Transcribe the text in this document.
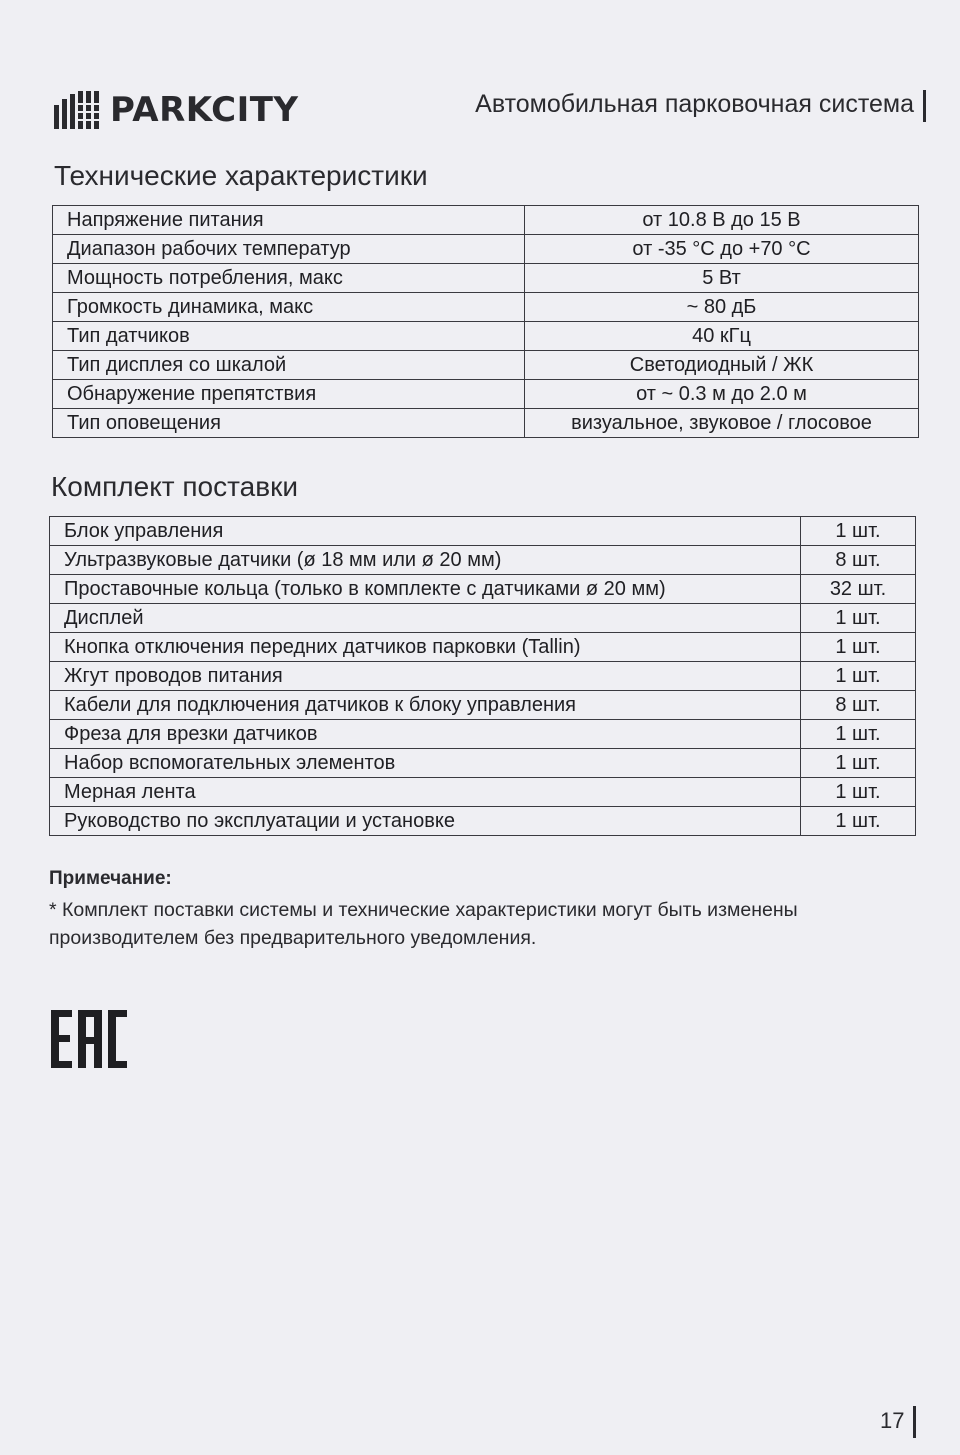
PARKCITY	Автомобильная парковочная система
Технические характеристики
Напряжение питания	от 10.8 В до 15 В
Диапазон рабочих температур	от -35 °С до +70 °С
Мощность потребления, макс	5 Вт
Громкость динамика, макс	~ 80 дБ
Тип датчиков	40 кГц
Тип дисплея со шкалой	Светодиодный / ЖК
Обнаружение препятствия	от ~ 0.3 м до 2.0 м
Тип оповещения	визуальное, звуковое / глосовое
Комплект поставки
Блок управления	1 шт.
Ультразвуковые датчики (ø 18 мм или ø 20 мм)	8 шт.
Проставочные кольца (только в комплекте с датчиками ø 20 мм)	32 шт.
Дисплей	1 шт.
Кнопка отключения передних датчиков парковки (Tallin)	1 шт.
Жгут проводов питания	1 шт.
Кабели для подключения датчиков к блоку управления	8 шт.
Фреза для врезки датчиков	1 шт.
Набор вспомогательных элементов	1 шт.
Мерная лента	1 шт.
Руководство по эксплуатации и установке	1 шт.
Примечание:
* Комплект поставки системы и технические характеристики могут быть изменены производителем без предварительного уведомления.
17
